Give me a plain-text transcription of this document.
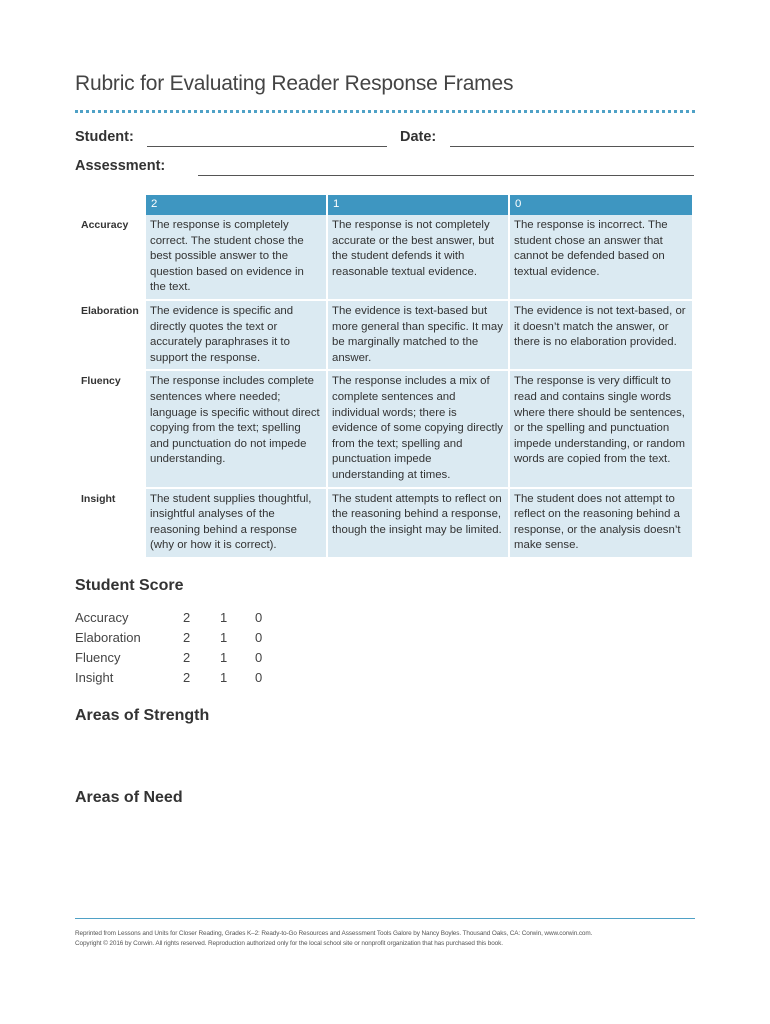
Rubric for Evaluating Reader Response Frames
Student:	Date:
Assessment:
	2	1	0
Accuracy	The response is completely correct. The student chose the best possible answer to the question based on evidence in the text.	The response is not completely accurate or the best answer, but the student defends it with reasonable textual evidence.	The response is incorrect. The student chose an answer that cannot be defended based on textual evidence.
Elaboration	The evidence is specific and directly quotes the text or accurately paraphrases it to support the response.	The evidence is text-based but more general than specific. It may be marginally matched to the answer.	The evidence is not text-based, or it doesn’t match the answer, or there is no elaboration provided.
Fluency	The response includes complete sentences where needed; language is specific without direct copying from the text; spelling and punctuation do not impede understanding.	The response includes a mix of complete sentences and individual words; there is evidence of some copying directly from the text; spelling and punctuation impede understanding at times.	The response is very difficult to read and contains single words where there should be sentences, or the spelling and punctuation impede understanding, or random words are copied from the text.
Insight	The student supplies thoughtful, insightful analyses of the reasoning behind a response (why or how it is correct).	The student attempts to reflect on the reasoning behind a response, though the insight may be limited.	The student does not attempt to reflect on the reasoning behind a response, or the analysis doesn’t make sense.
Student Score
Accuracy	2 1 0
Elaboration	2 1 0
Fluency	2 1 0
Insight	2 1 0
Areas of Strength
Areas of Need
Reprinted from Lessons and Units for Closer Reading, Grades K–2: Ready-to-Go Resources and Assessment Tools Galore by Nancy Boyles. Thousand Oaks, CA: Corwin, www.corwin.com.
Copyright © 2016 by Corwin. All rights reserved. Reproduction authorized only for the local school site or nonprofit organization that has purchased this book.
